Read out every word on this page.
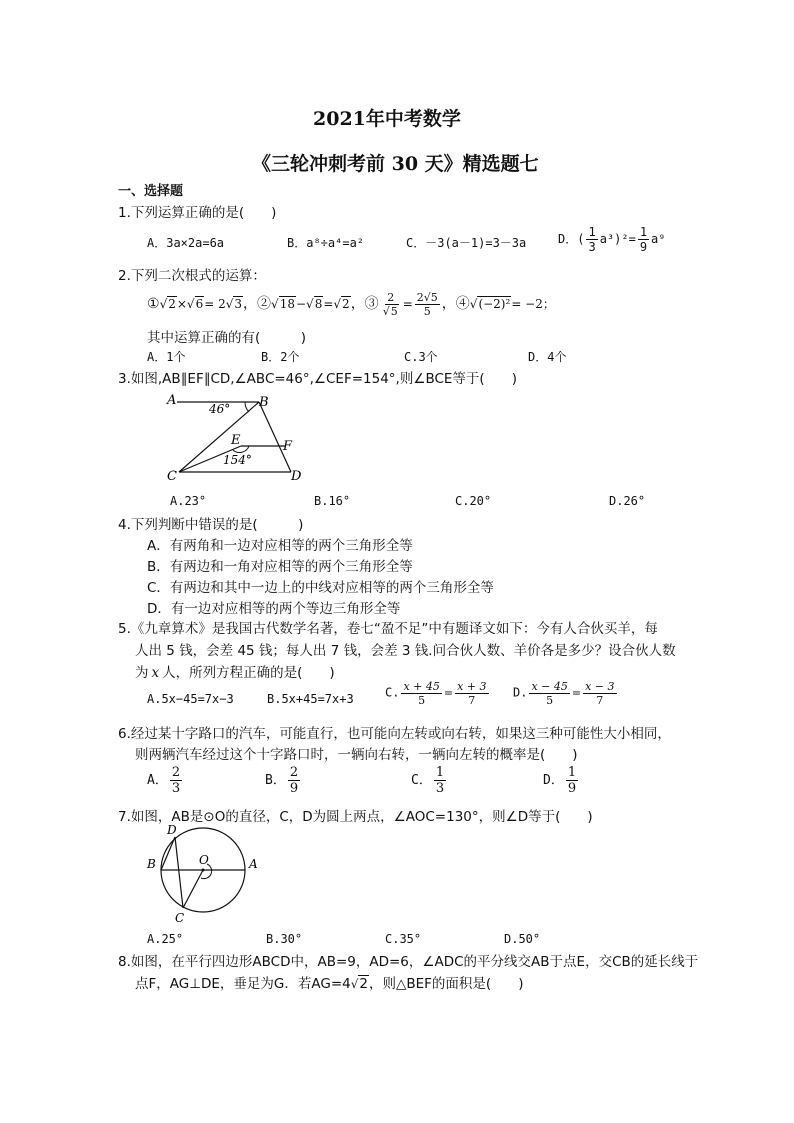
2021年中考数学
《三轮冲刺考前 30 天》精选题七
一、选择题
1.下列运算正确的是(　　)
A．3a×2a=6a	B．a⁸÷a⁴=a²	C．－3(a－1)=3－3a	D．( $\frac{1}{3} a^3)^2= \frac{1}{9} a^9$
2.下列二次根式的运算：
①√2×√6= 2√3，②√18−√8=√2，③ $\frac{2}{√5} = \frac{2√5}{5}$ ，④√(−2)²= −2；
其中运算正确的有(　　　)
A．1个	B．2个	C.3个	D．4个
3.如图,AB∥EF∥CD,∠ABC=46°,∠CEF=154°,则∠BCE等于(　　)
A	B
C	D
E	F
46°
154°
A.23°	B.16°	C.20°	D.26°
4.下列判断中错误的是(　　　)
A．有两角和一边对应相等的两个三角形全等
B．有两边和一角对应相等的两个三角形全等
C．有两边和其中一边上的中线对应相等的两个三角形全等
D．有一边对应相等的两个等边三角形全等
5.《九章算术》是我国古代数学名著，卷七“盈不足”中有题译文如下：今有人合伙买羊，每
人出 5 钱，会差 45 钱；每人出 7 钱，会差 3 钱.问合伙人数、羊价各是多少？设合伙人数
为 x 人，所列方程正确的是(　　)
A.5x−45=7x−3	B.5x+45=7x+3	C. $\frac{x + 45}{5} = \frac{x + 3}{7} D$. $\frac{x - 45}{5} = \frac{x - 3}{7}$
6.经过某十字路口的汽车，可能直行，也可能向左转或向右转，如果这三种可能性大小相同，
则两辆汽车经过这个十字路口时，一辆向右转，一辆向左转的概率是(　　)
A． $\frac{2}{3}$	B． $\frac{2}{9}$	C． $\frac{1}{3}$	D． $\frac{1}{9}$
7.如图，AB是⊙O的直径，C，D为圆上两点，∠AOC=130°，则∠D等于(　　)
D
B	O	A
C
A.25°	B.30°	C.35°	D.50°
8.如图，在平行四边形ABCD中，AB=9，AD=6，∠ADC的平分线交AB于点E，交CB的延长线于
点F，AG⊥DE，垂足为G．若AG=4√2，则△BEF的面积是(　　)
